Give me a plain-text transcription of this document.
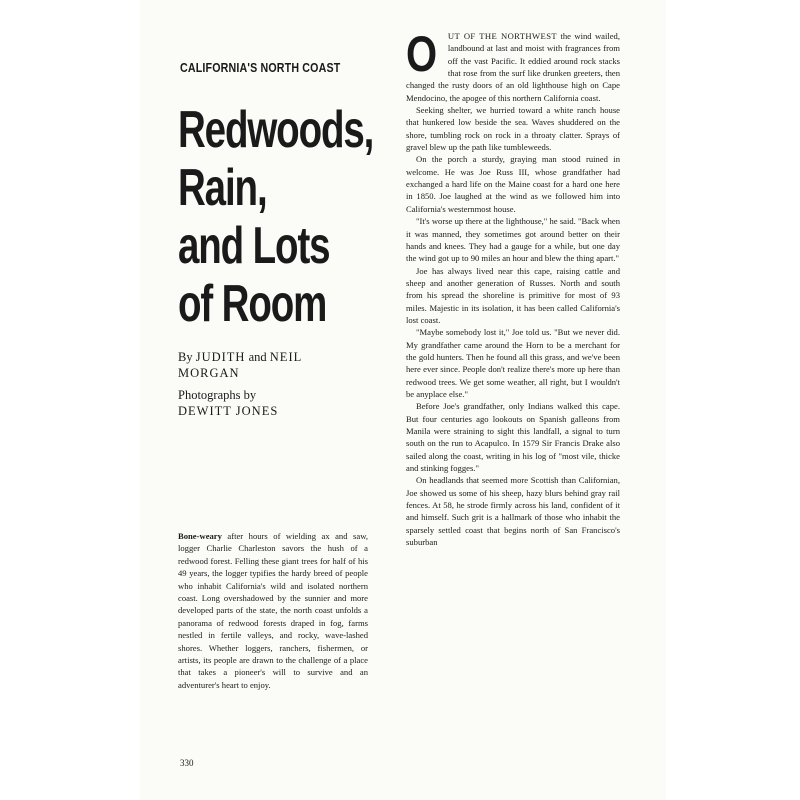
CALIFORNIA'S NORTH COAST
Redwoods,
Rain,
and Lots
of Room
By JUDITH and NEIL
MORGAN
Photographs by
DEWITT JONES
Bone-weary after hours of wielding ax and saw, logger Charlie Charleston savors the hush of a redwood forest. Felling these giant trees for half of his 49 years, the logger typifies the hardy breed of people who inhabit California's wild and isolated northern coast. Long overshadowed by the sunnier and more developed parts of the state, the north coast unfolds a panorama of redwood forests draped in fog, farms nestled in fertile valleys, and rocky, wave-lashed shores. Whether loggers, ranchers, fishermen, or artists, its people are drawn to the challenge of a place that takes a pioneer's will to survive and an adventurer's heart to enjoy.

O UT OF THE NORTHWEST the wind wailed, landbound at last and moist with fragrances from off the vast Pacific. It eddied around rock stacks that rose from the surf like drunken greeters, then changed the rusty doors of an old lighthouse high on Cape Mendocino, the apogee of this northern California coast.

Seeking shelter, we hurried toward a white ranch house that hunkered low beside the sea. Waves shuddered on the shore, tumbling rock on rock in a throaty clatter. Sprays of gravel blew up the path like tumbleweeds.

On the porch a sturdy, graying man stood ruined in welcome. He was Joe Russ III, whose grandfather had exchanged a hard life on the Maine coast for a hard one here in 1850. Joe laughed at the wind as we followed him into California's westernmost house.

"It's worse up there at the lighthouse," he said. "Back when it was manned, they sometimes got around better on their hands and knees. They had a gauge for a while, but one day the wind got up to 90 miles an hour and blew the thing apart."

Joe has always lived near this cape, raising cattle and sheep and another generation of Russes. North and south from his spread the shoreline is primitive for most of 93 miles. Majestic in its isolation, it has been called California's lost coast.

"Maybe somebody lost it," Joe told us. "But we never did. My grandfather came around the Horn to be a merchant for the gold hunters. Then he found all this grass, and we've been here ever since. People don't realize there's more up here than redwood trees. We get some weather, all right, but I wouldn't be anyplace else."

Before Joe's grandfather, only Indians walked this cape. But four centuries ago lookouts on Spanish galleons from Manila were straining to sight this landfall, a signal to turn south on the run to Acapulco. In 1579 Sir Francis Drake also sailed along the coast, writing in his log of "most vile, thicke and stinking fogges."

On headlands that seemed more Scottish than Californian, Joe showed us some of his sheep, hazy blurs behind gray rail fences. At 58, he strode firmly across his land, confident of it and himself. Such grit is a hallmark of those who inhabit the sparsely settled coast that begins north of San Francisco's suburban

330
